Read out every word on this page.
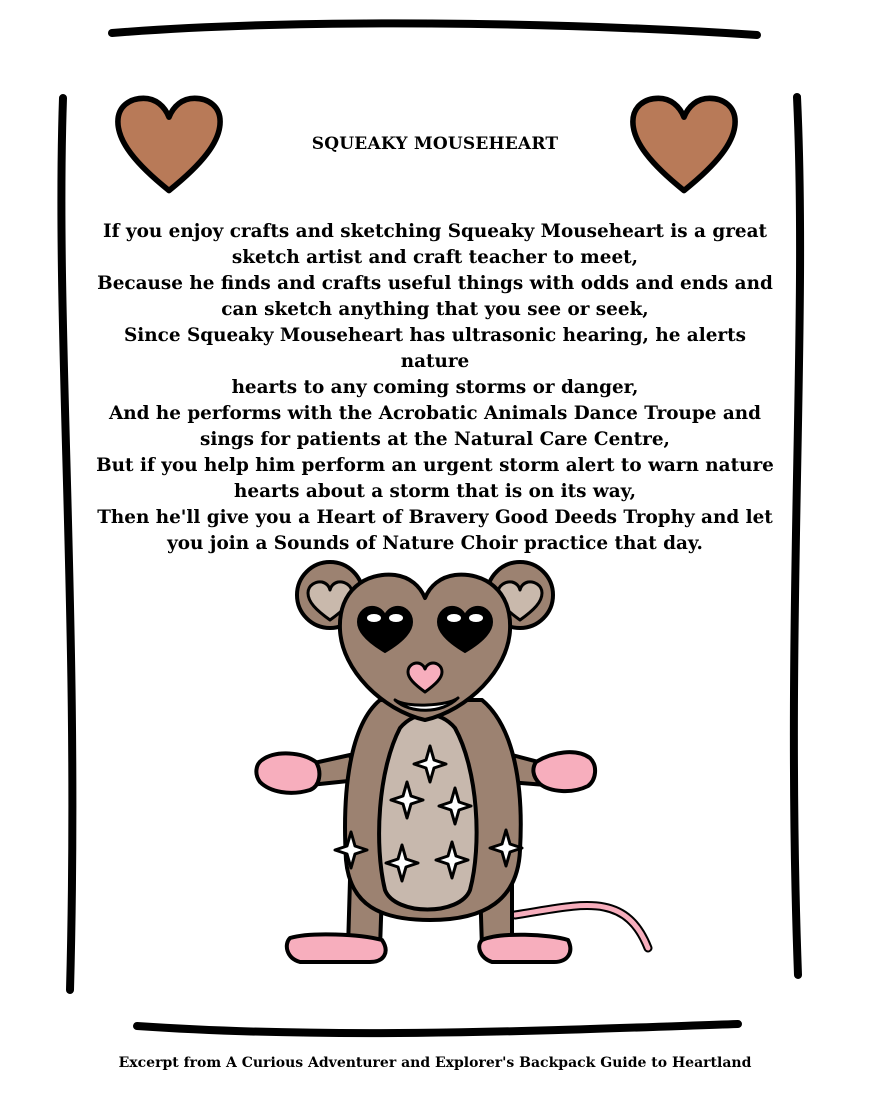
SQUEAKY MOUSEHEART
If you enjoy crafts and sketching Squeaky Mouseheart is a great
sketch artist and craft teacher to meet,
Because he finds and crafts useful things with odds and ends and
can sketch anything that you see or seek,
Since Squeaky Mouseheart has ultrasonic hearing, he alerts nature
hearts to any coming storms or danger,
And he performs with the Acrobatic Animals Dance Troupe and
sings for patients at the Natural Care Centre,
But if you help him perform an urgent storm alert to warn nature
hearts about a storm that is on its way,
Then he'll give you a Heart of Bravery Good Deeds Trophy and let
you join a Sounds of Nature Choir practice that day.
Excerpt from A Curious Adventurer and Explorer's Backpack Guide to Heartland
